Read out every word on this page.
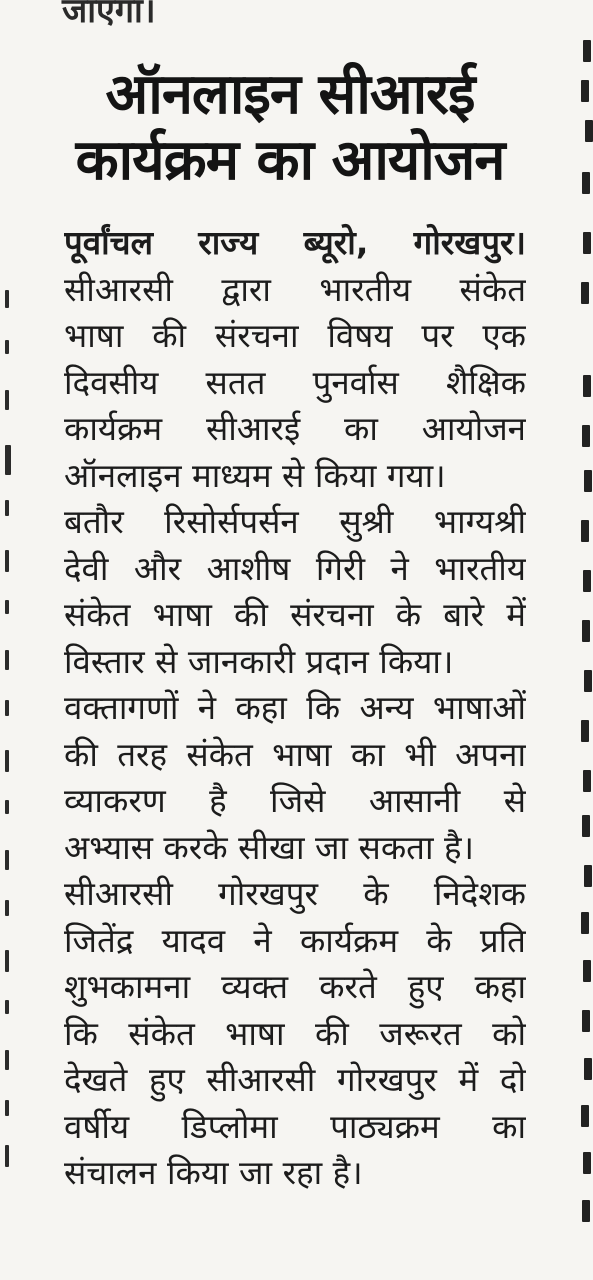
जाएगा।
ऑनलाइन सीआरई
कार्यक्रम का आयोजन
पूर्वांचल राज्य ब्यूरो, गोरखपुर।
सीआरसी द्वारा भारतीय संकेत
भाषा की संरचना विषय पर एक
दिवसीय सतत पुनर्वास शैक्षिक
कार्यक्रम सीआरई का आयोजन
ऑनलाइन माध्यम से किया गया।
बतौर रिसोर्सपर्सन सुश्री भाग्यश्री
देवी और आशीष गिरी ने भारतीय
संकेत भाषा की संरचना के बारे में
विस्तार से जानकारी प्रदान किया।
वक्तागणों ने कहा कि अन्य भाषाओं
की तरह संकेत भाषा का भी अपना
व्याकरण है जिसे आसानी से
अभ्यास करके सीखा जा सकता है।
सीआरसी गोरखपुर के निदेशक
जितेंद्र यादव ने कार्यक्रम के प्रति
शुभकामना व्यक्त करते हुए कहा
कि संकेत भाषा की जरूरत को
देखते हुए सीआरसी गोरखपुर में दो
वर्षीय डिप्लोमा पाठ्यक्रम का
संचालन किया जा रहा है।
